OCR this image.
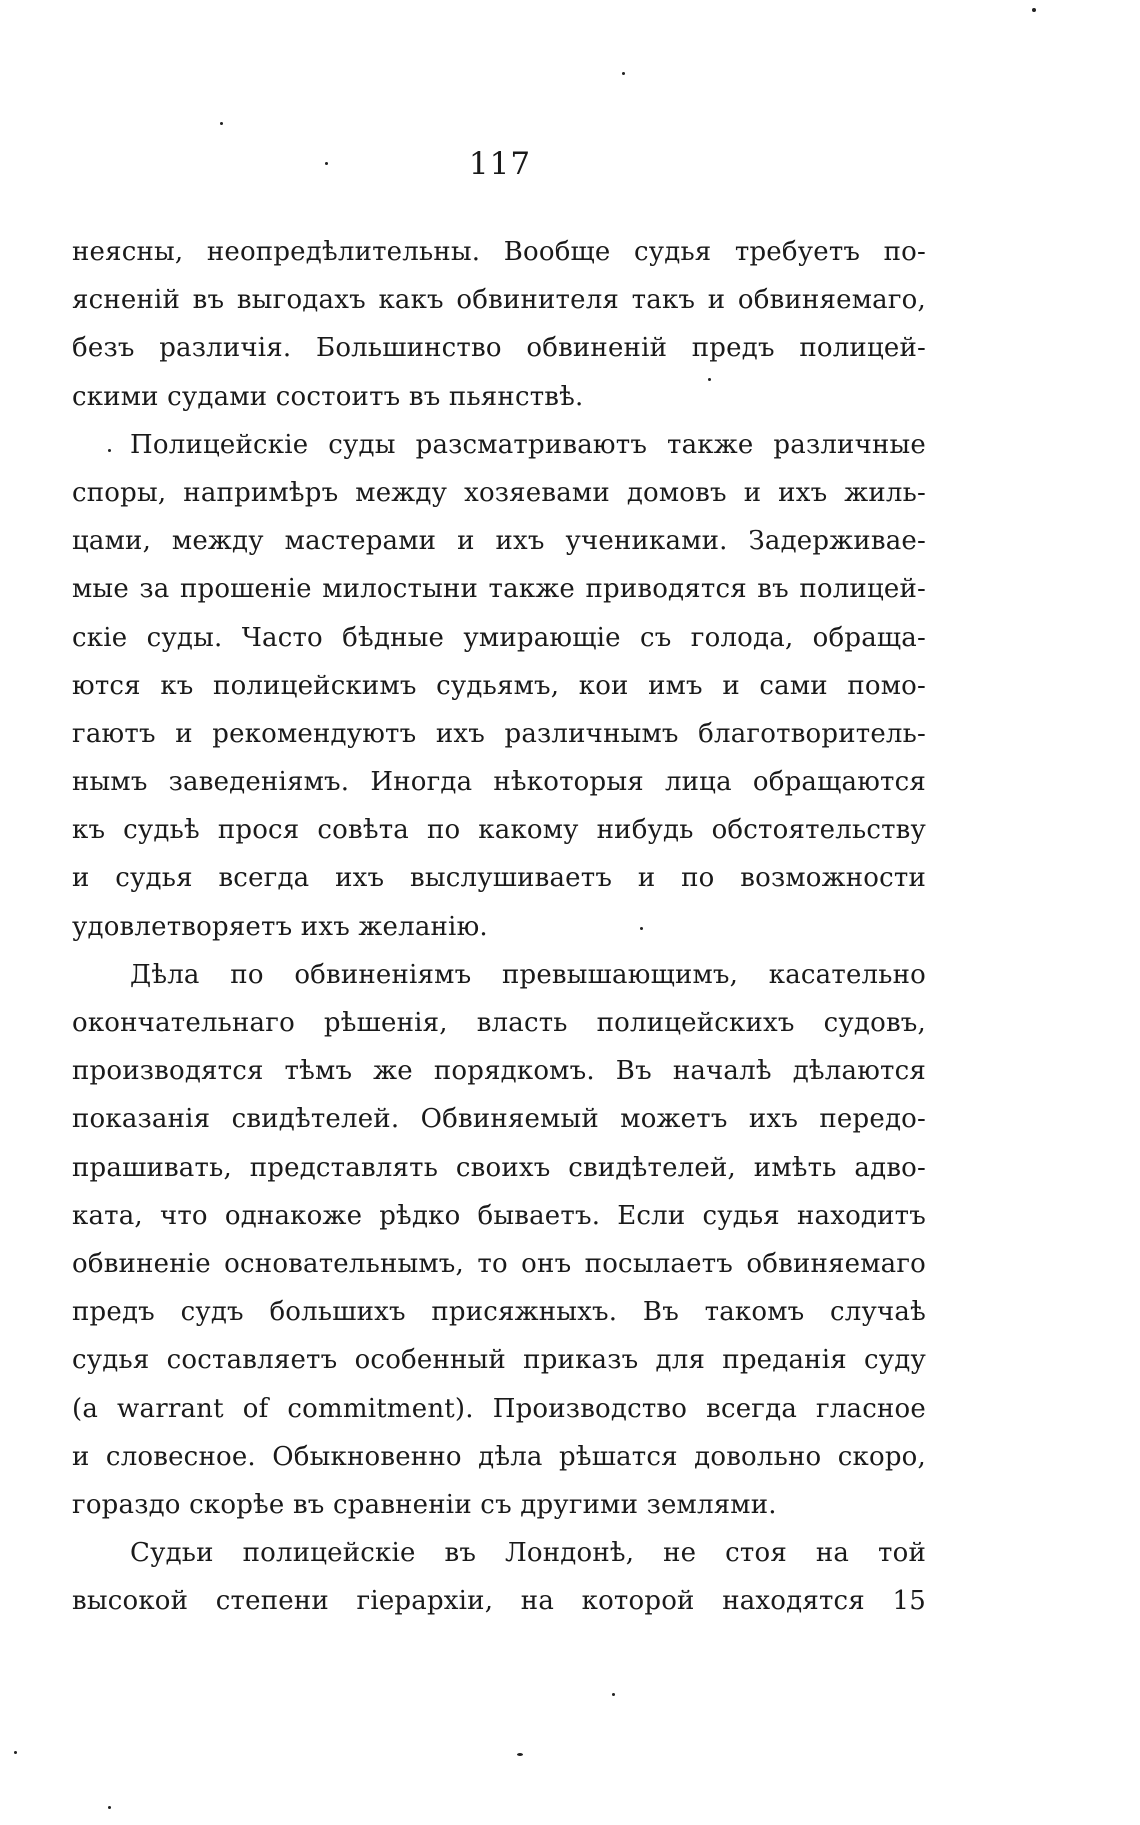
117
неясны, неопредѣлительны. Вообще судья требуетъ по-
ясненій въ выгодахъ какъ обвинителя такъ и обвиняемаго,
безъ различія. Большинство обвиненій предъ полицей-
скими судами состоитъ въ пьянствѣ.
Полицейскіе суды разсматриваютъ также различные
споры, напримѣръ между хозяевами домовъ и ихъ жиль-
цами, между мастерами и ихъ учениками. Задерживае-
мые за прошеніе милостыни также приводятся въ полицей-
скіе суды. Часто бѣдные умирающіе съ голода, обраща-
ются къ полицейскимъ судьямъ, кои имъ и сами помо-
гаютъ и рекомендуютъ ихъ различнымъ благотворитель-
нымъ заведеніямъ. Иногда нѣкоторыя лица обращаются
къ судьѣ прося совѣта по какому нибудь обстоятельству
и судья всегда ихъ выслушиваетъ и по возможности
удовлетворяетъ ихъ желанію.
Дѣла по обвиненіямъ превышающимъ, касательно
окончательнаго рѣшенія, власть полицейскихъ судовъ,
производятся тѣмъ же порядкомъ. Въ началѣ дѣлаются
показанія свидѣтелей. Обвиняемый можетъ ихъ передо-
прашивать, представлять своихъ свидѣтелей, имѣть адво-
ката, что однакоже рѣдко бываетъ. Если судья находитъ
обвиненіе основательнымъ, то онъ посылаетъ обвиняемаго
предъ судъ большихъ присяжныхъ. Въ такомъ случаѣ
судья составляетъ особенный приказъ для преданія суду
(a warrant of commitment). Производство всегда гласное
и словесное. Обыкновенно дѣла рѣшатся довольно скоро,
гораздо скорѣе въ сравненіи съ другими землями.
Судьи полицейскіе въ Лондонѣ, не стоя на той
высокой степени гіерархіи, на которой находятся 15
